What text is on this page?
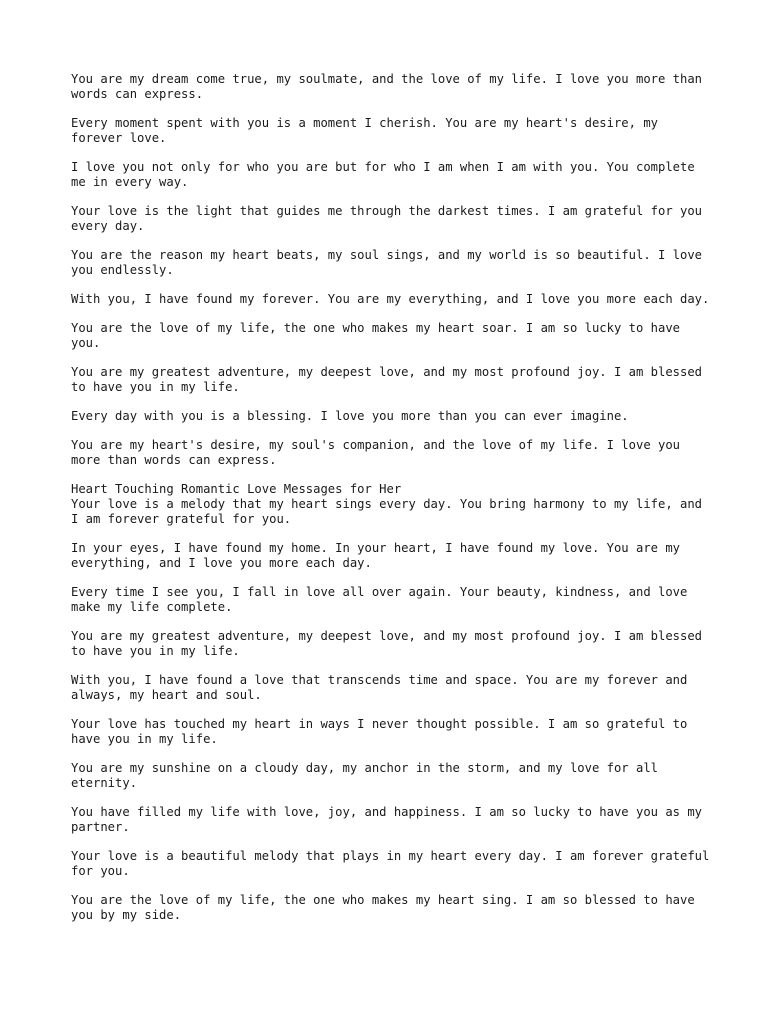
You are my dream come true, my soulmate, and the love of my life. I love you more than words can express.

Every moment spent with you is a moment I cherish. You are my heart's desire, my forever love.

I love you not only for who you are but for who I am when I am with you. You complete me in every way.

Your love is the light that guides me through the darkest times. I am grateful for you every day.

You are the reason my heart beats, my soul sings, and my world is so beautiful. I love you endlessly.

With you, I have found my forever. You are my everything, and I love you more each day.

You are the love of my life, the one who makes my heart soar. I am so lucky to have you.

You are my greatest adventure, my deepest love, and my most profound joy. I am blessed to have you in my life.

Every day with you is a blessing. I love you more than you can ever imagine.

You are my heart's desire, my soul's companion, and the love of my life. I love you more than words can express.

Heart Touching Romantic Love Messages for Her

Your love is a melody that my heart sings every day. You bring harmony to my life, and I am forever grateful for you.

In your eyes, I have found my home. In your heart, I have found my love. You are my everything, and I love you more each day.

Every time I see you, I fall in love all over again. Your beauty, kindness, and love make my life complete.

You are my greatest adventure, my deepest love, and my most profound joy. I am blessed to have you in my life.

With you, I have found a love that transcends time and space. You are my forever and always, my heart and soul.

Your love has touched my heart in ways I never thought possible. I am so grateful to have you in my life.

You are my sunshine on a cloudy day, my anchor in the storm, and my love for all eternity.

You have filled my life with love, joy, and happiness. I am so lucky to have you as my partner.

Your love is a beautiful melody that plays in my heart every day. I am forever grateful for you.

You are the love of my life, the one who makes my heart sing. I am so blessed to have you by my side.
